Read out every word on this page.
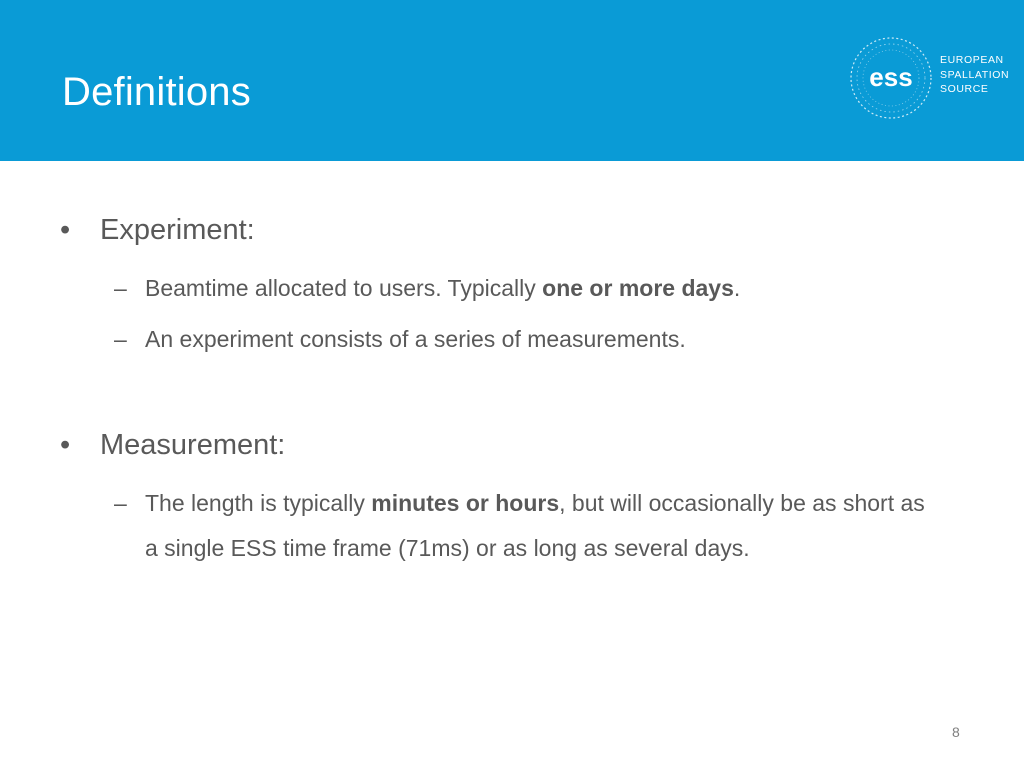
Definitions	ess
EUROPEAN
SPALLATION
SOURCE
• Experiment:
– Beamtime allocated to users. Typically one or more days.
– An experiment consists of a series of measurements.
• Measurement:
– The length is typically minutes or hours, but will occasionally be as short as a single ESS time frame (71ms) or as long as several days.
8
